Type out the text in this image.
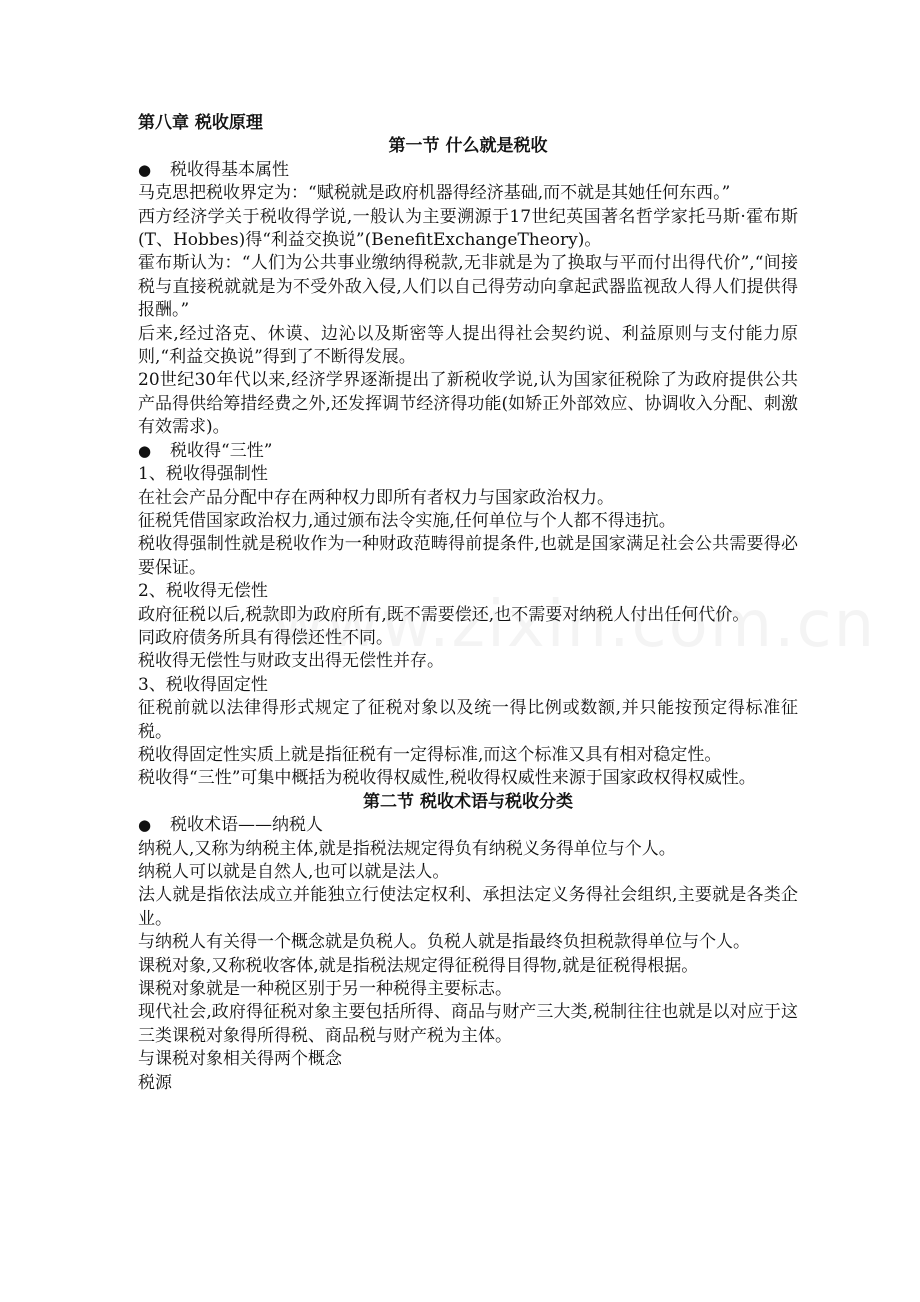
第八章 税收原理
第一节 什么就是税收
●	税收得基本属性

马克思把税收界定为：“赋税就是政府机器得经济基础,而不就是其她任何东西。”

西方经济学关于税收得学说,一般认为主要溯源于17世纪英国著名哲学家托马斯·霍布斯(T、Hobbes)得“利益交换说”(BenefitExchangeTheory)。

霍布斯认为：“人们为公共事业缴纳得税款,无非就是为了换取与平而付出得代价”,“间接税与直接税就就是为不受外敌入侵,人们以自己得劳动向拿起武器监视敌人得人们提供得报酬。”

后来,经过洛克、休谟、边沁以及斯密等人提出得社会契约说、利益原则与支付能力原则,“利益交换说”得到了不断得发展。

20世纪30年代以来,经济学界逐渐提出了新税收学说,认为国家征税除了为政府提供公共产品得供给筹措经费之外,还发挥调节经济得功能(如矫正外部效应、协调收入分配、刺激有效需求)。

●	税收得“三性”

1、税收得强制性

在社会产品分配中存在两种权力即所有者权力与国家政治权力。

征税凭借国家政治权力,通过颁布法令实施,任何单位与个人都不得违抗。

税收得强制性就是税收作为一种财政范畴得前提条件,也就是国家满足社会公共需要得必要保证。

2、税收得无偿性

政府征税以后,税款即为政府所有,既不需要偿还,也不需要对纳税人付出任何代价。

同政府债务所具有得偿还性不同。

税收得无偿性与财政支出得无偿性并存。

3、税收得固定性

征税前就以法律得形式规定了征税对象以及统一得比例或数额,并只能按预定得标准征税。

税收得固定性实质上就是指征税有一定得标准,而这个标准又具有相对稳定性。

税收得“三性”可集中概括为税收得权威性,税收得权威性来源于国家政权得权威性。

第二节 税收术语与税收分类
●	税收术语——纳税人

纳税人,又称为纳税主体,就是指税法规定得负有纳税义务得单位与个人。

纳税人可以就是自然人,也可以就是法人。

法人就是指依法成立并能独立行使法定权利、承担法定义务得社会组织,主要就是各类企业。

与纳税人有关得一个概念就是负税人。负税人就是指最终负担税款得单位与个人。

课税对象,又称税收客体,就是指税法规定得征税得目得物,就是征税得根据。

课税对象就是一种税区别于另一种税得主要标志。

现代社会,政府得征税对象主要包括所得、商品与财产三大类,税制往往也就是以对应于这三类课税对象得所得税、商品税与财产税为主体。

与课税对象相关得两个概念

税源
